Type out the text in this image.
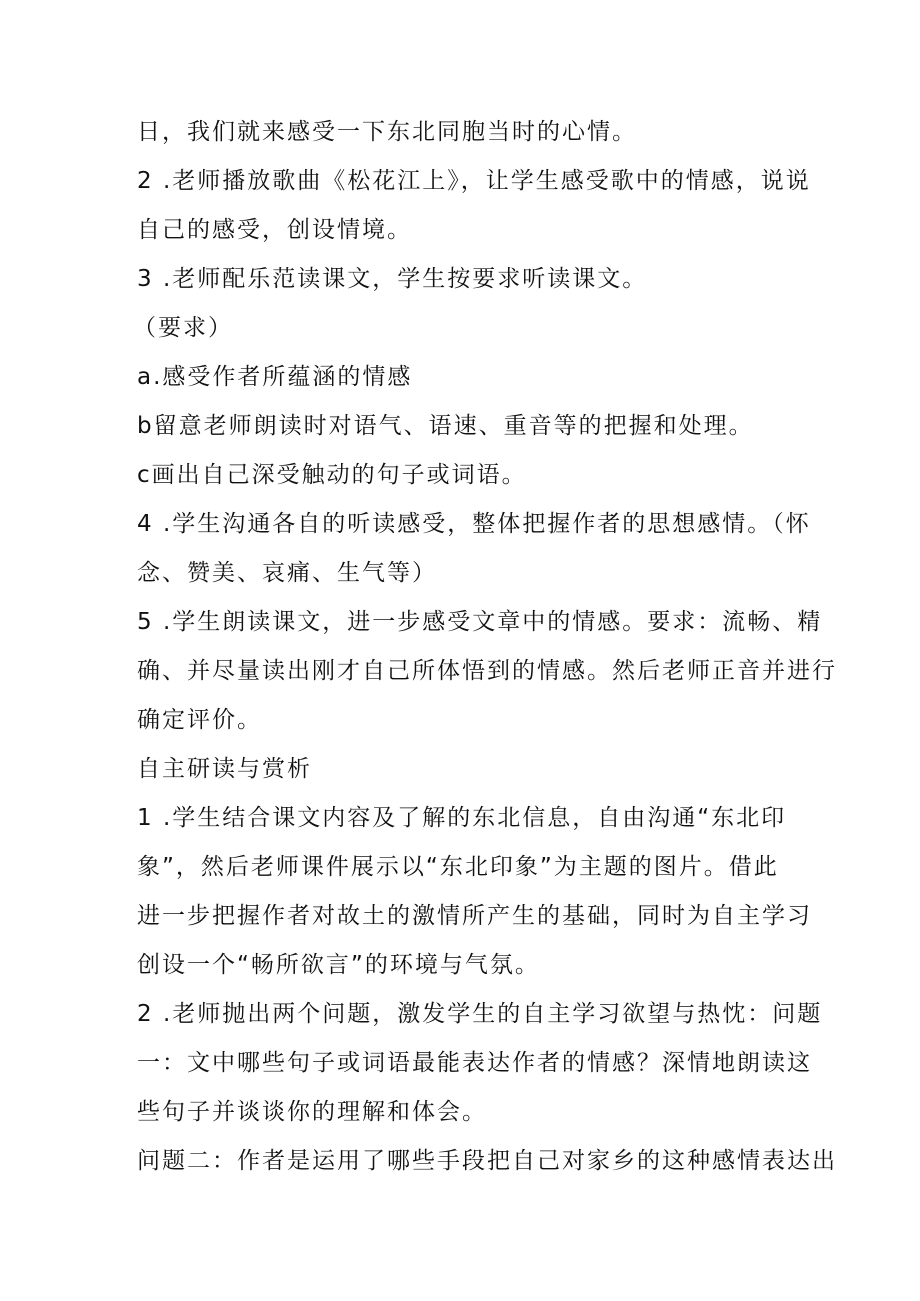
日，我们就来感受一下东北同胞当时的心情。
2 .老师播放歌曲《松花江上》，让学生感受歌中的情感，说说
自己的感受，创设情境。
3 .老师配乐范读课文，学生按要求听读课文。
（要求）
a.感受作者所蕴涵的情感
b留意老师朗读时对语气、语速、重音等的把握和处理。
c画出自己深受触动的句子或词语。
4 .学生沟通各自的听读感受，整体把握作者的思想感情。（怀
念、赞美、哀痛、生气等）
5 .学生朗读课文，进一步感受文章中的情感。要求：流畅、精
确、并尽量读出刚才自己所体悟到的情感。然后老师正音并进行
确定评价。
自主研读与赏析
1 .学生结合课文内容及了解的东北信息，自由沟通“东北印
象”，然后老师课件展示以“东北印象”为主题的图片。借此
进一步把握作者对故土的激情所产生的基础，同时为自主学习
创设一个“畅所欲言”的环境与气氛。
2 .老师抛出两个问题，激发学生的自主学习欲望与热忱：问题
一：文中哪些句子或词语最能表达作者的情感？深情地朗读这
些句子并谈谈你的理解和体会。
问题二：作者是运用了哪些手段把自己对家乡的这种感情表达出
